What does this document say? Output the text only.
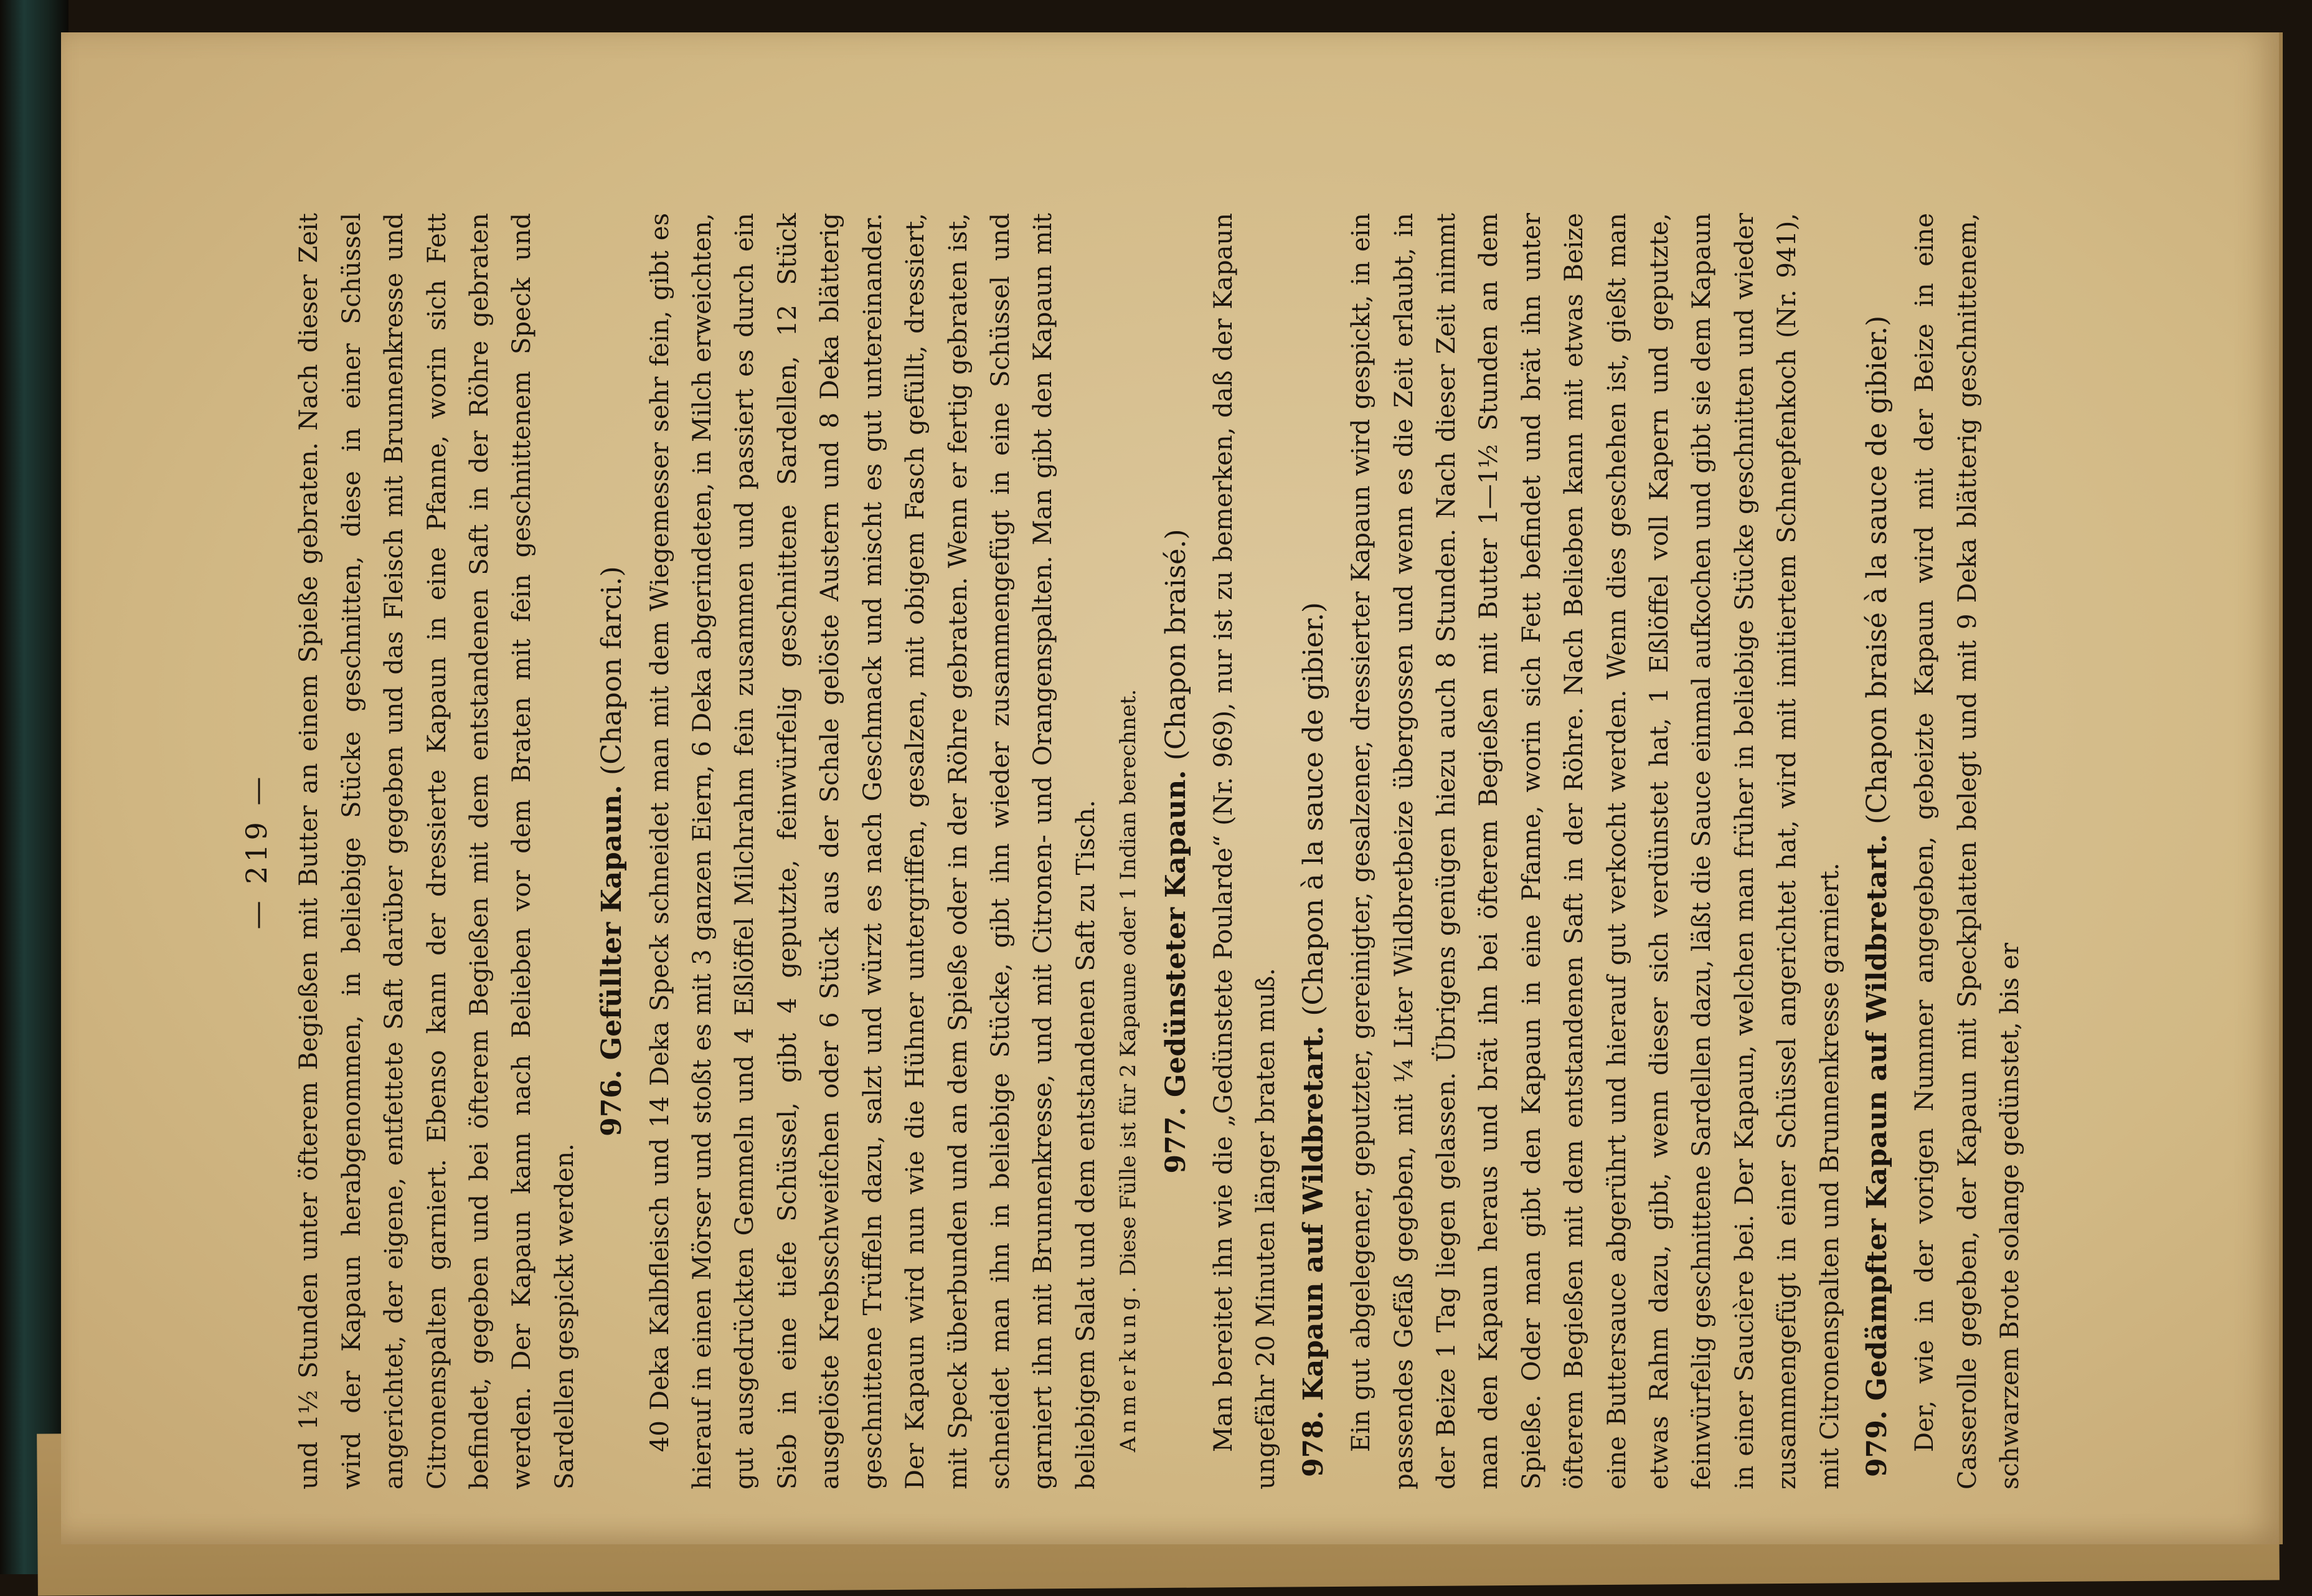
— 219 — und 1½ Stunden unter öfterem Begießen mit Butter an einem Spieße gebraten. Nach dieser Zeit wird der Kapaun herabgenommen, in beliebige Stücke geschnitten, diese in einer Schüssel angerichtet, der eigene, entfettete Saft darüber gegeben und das Fleisch mit Brunnenkresse und Citronenspalten garniert. Ebenso kann der dressierte Kapaun in eine Pfanne, worin sich Fett befindet, gegeben und bei öfterem Begießen mit dem entstandenen Saft in der Röhre gebraten werden. Der Kapaun kann nach Belieben vor dem Braten mit fein geschnittenem Speck und Sardellen gespickt werden.

976. Gefüllter Kapaun. (Chapon farci.) 40 Deka Kalbfleisch und 14 Deka Speck schneidet man mit dem Wiegemesser sehr fein, gibt es hierauf in einen Mörser und stoßt es mit 3 ganzen Eiern, 6 Deka abgerindeten, in Milch erweichten, gut ausgedrückten Gemmeln und 4 Eßlöffel Milchrahm fein zusammen und passiert es durch ein Sieb in eine tiefe Schüssel, gibt 4 geputzte, feinwürfelig geschnittene Sardellen, 12 Stück ausgelöste Krebsschweifchen oder 6 Stück aus der Schale gelöste Austern und 8 Deka blätterig geschnittene Trüffeln dazu, salzt und würzt es nach Geschmack und mischt es gut untereinander. Der Kapaun wird nun wie die Hühner untergriffen, gesalzen, mit obigem Fasch gefüllt, dressiert, mit Speck überbunden und an dem Spieße oder in der Röhre gebraten. Wenn er fertig gebraten ist, schneidet man ihn in beliebige Stücke, gibt ihn wieder zusammengefügt in eine Schüssel und garniert ihn mit Brunnenkresse, und mit Citronen- und Orangenspalten. Man gibt den Kapaun mit beliebigem Salat und dem entstandenen Saft zu Tisch. Anmerkung. Diese Fülle ist für 2 Kapaune oder 1 Indian berechnet. 977. Gedünsteter Kapaun. (Chapon braisé.) Man bereitet ihn wie die „Gedünstete Poularde“ (Nr. 969), nur ist zu bemerken, daß der Kapaun ungefähr 20 Minuten länger braten muß. 978. Kapaun auf Wildbretart. (Chapon à la sauce de gibier.) Ein gut abgelegener, geputzter, gereinigter, gesalzener, dressierter Kapaun wird gespickt, in ein passendes Gefäß gegeben, mit ¼ Liter Wildbretbeize übergossen und wenn es die Zeit erlaubt, in der Beize 1 Tag liegen gelassen. Übrigens genügen hiezu auch 8 Stunden. Nach dieser Zeit nimmt man den Kapaun heraus und brät ihn bei öfterem Begießen mit Butter 1—1½ Stunden an dem Spieße. Oder man gibt den Kapaun in eine Pfanne, worin sich Fett befindet und brät ihn unter öfterem Begießen mit dem entstandenen Saft in der Röhre. Nach Belieben kann mit etwas Beize eine Buttersauce abgerührt und hierauf gut verkocht werden. Wenn dies geschehen ist, gießt man etwas Rahm dazu, gibt, wenn dieser sich verdünstet hat, 1 Eßlöffel voll Kapern und geputzte, feinwürfelig geschnittene Sardellen dazu, läßt die Sauce einmal aufkochen und gibt sie dem Kapaun in einer Saucière bei. Der Kapaun, welchen man früher in beliebige Stücke geschnitten und wieder zusammengefügt in einer Schüssel angerichtet hat, wird mit imitiertem Schnepfenkoch (Nr. 941), mit Citronenspalten und Brunnenkresse garniert. 979. Gedämpfter Kapaun auf Wildbretart. (Chapon braisé à la sauce de gibier.) Der, wie in der vorigen Nummer angegeben, gebeizte Kapaun wird mit der Beize in eine Casserolle gegeben, der Kapaun mit Speckplatten belegt und mit 9 Deka blätterig geschnittenem, schwarzem Brote solange gedünstet, bis er
